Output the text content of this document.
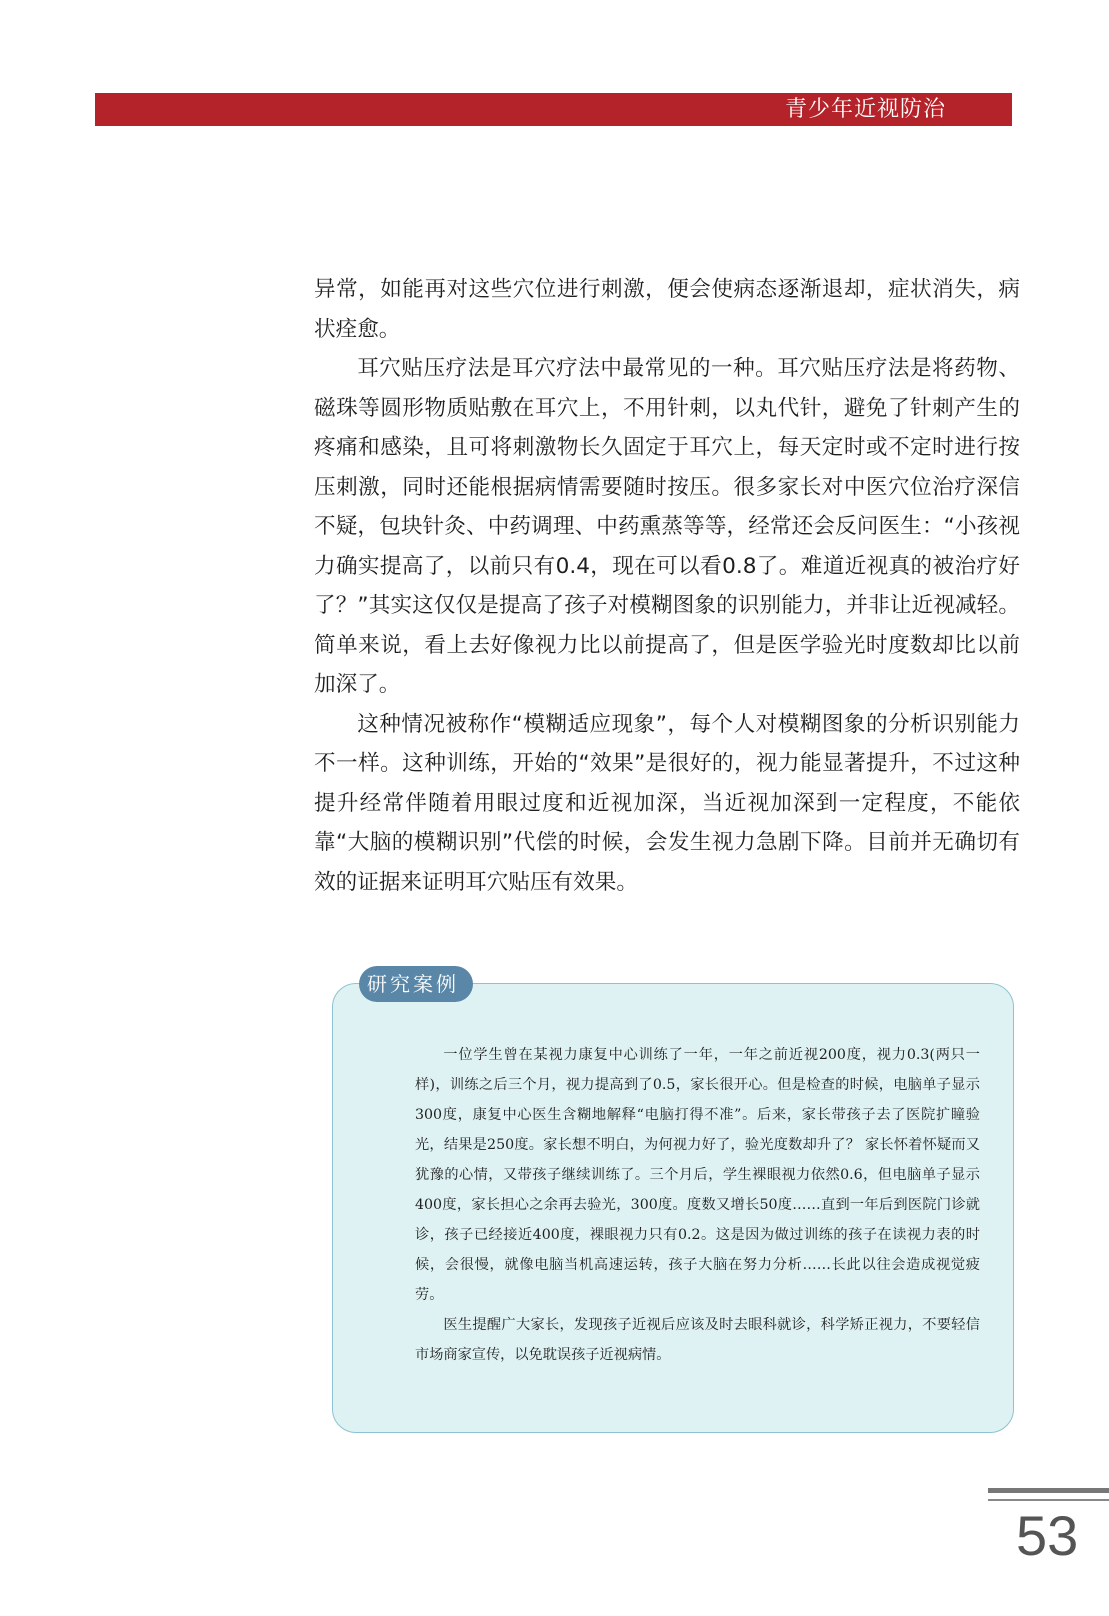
青少年近视防治

异常，如能再对这些穴位进行刺激，便会使病态逐渐退却，症状消失，病状痊愈。

耳穴贴压疗法是耳穴疗法中最常见的一种。耳穴贴压疗法是将药物、磁珠等圆形物质贴敷在耳穴上，不用针刺，以丸代针，避免了针刺产生的疼痛和感染，且可将刺激物长久固定于耳穴上，每天定时或不定时进行按压刺激，同时还能根据病情需要随时按压。很多家长对中医穴位治疗深信不疑，包块针灸、中药调理、中药熏蒸等等，经常还会反问医生：“小孩视力确实提高了，以前只有0.4，现在可以看0.8了。难道近视真的被治疗好了？”其实这仅仅是提高了孩子对模糊图象的识别能力，并非让近视减轻。简单来说，看上去好像视力比以前提高了，但是医学验光时度数却比以前加深了。

这种情况被称作“模糊适应现象”，每个人对模糊图象的分析识别能力不一样。这种训练，开始的“效果”是很好的，视力能显著提升，不过这种提升经常伴随着用眼过度和近视加深，当近视加深到一定程度，不能依靠“大脑的模糊识别”代偿的时候，会发生视力急剧下降。目前并无确切有效的证据来证明耳穴贴压有效果。

研究案例

一位学生曾在某视力康复中心训练了一年，一年之前近视200度，视力0.3(两只一样)，训练之后三个月，视力提高到了0.5，家长很开心。但是检查的时候，电脑单子显示 300度，康复中心医生含糊地解释“电脑打得不准”。后来，家长带孩子去了医院扩瞳验光，结果是250度。家长想不明白，为何视力好了，验光度数却升了？ 家长怀着怀疑而又犹豫的心情，又带孩子继续训练了。三个月后，学生裸眼视力依然0.6，但电脑单子显示400度，家长担心之余再去验光，300度。度数又增长50度……直到一年后到医院门诊就诊，孩子已经接近400度，裸眼视力只有0.2。这是因为做过训练的孩子在读视力表的时候，会很慢，就像电脑当机高速运转，孩子大脑在努力分析……长此以往会造成视觉疲劳。

医生提醒广大家长，发现孩子近视后应该及时去眼科就诊，科学矫正视力，不要轻信市场商家宣传，以免耽误孩子近视病情。

53
